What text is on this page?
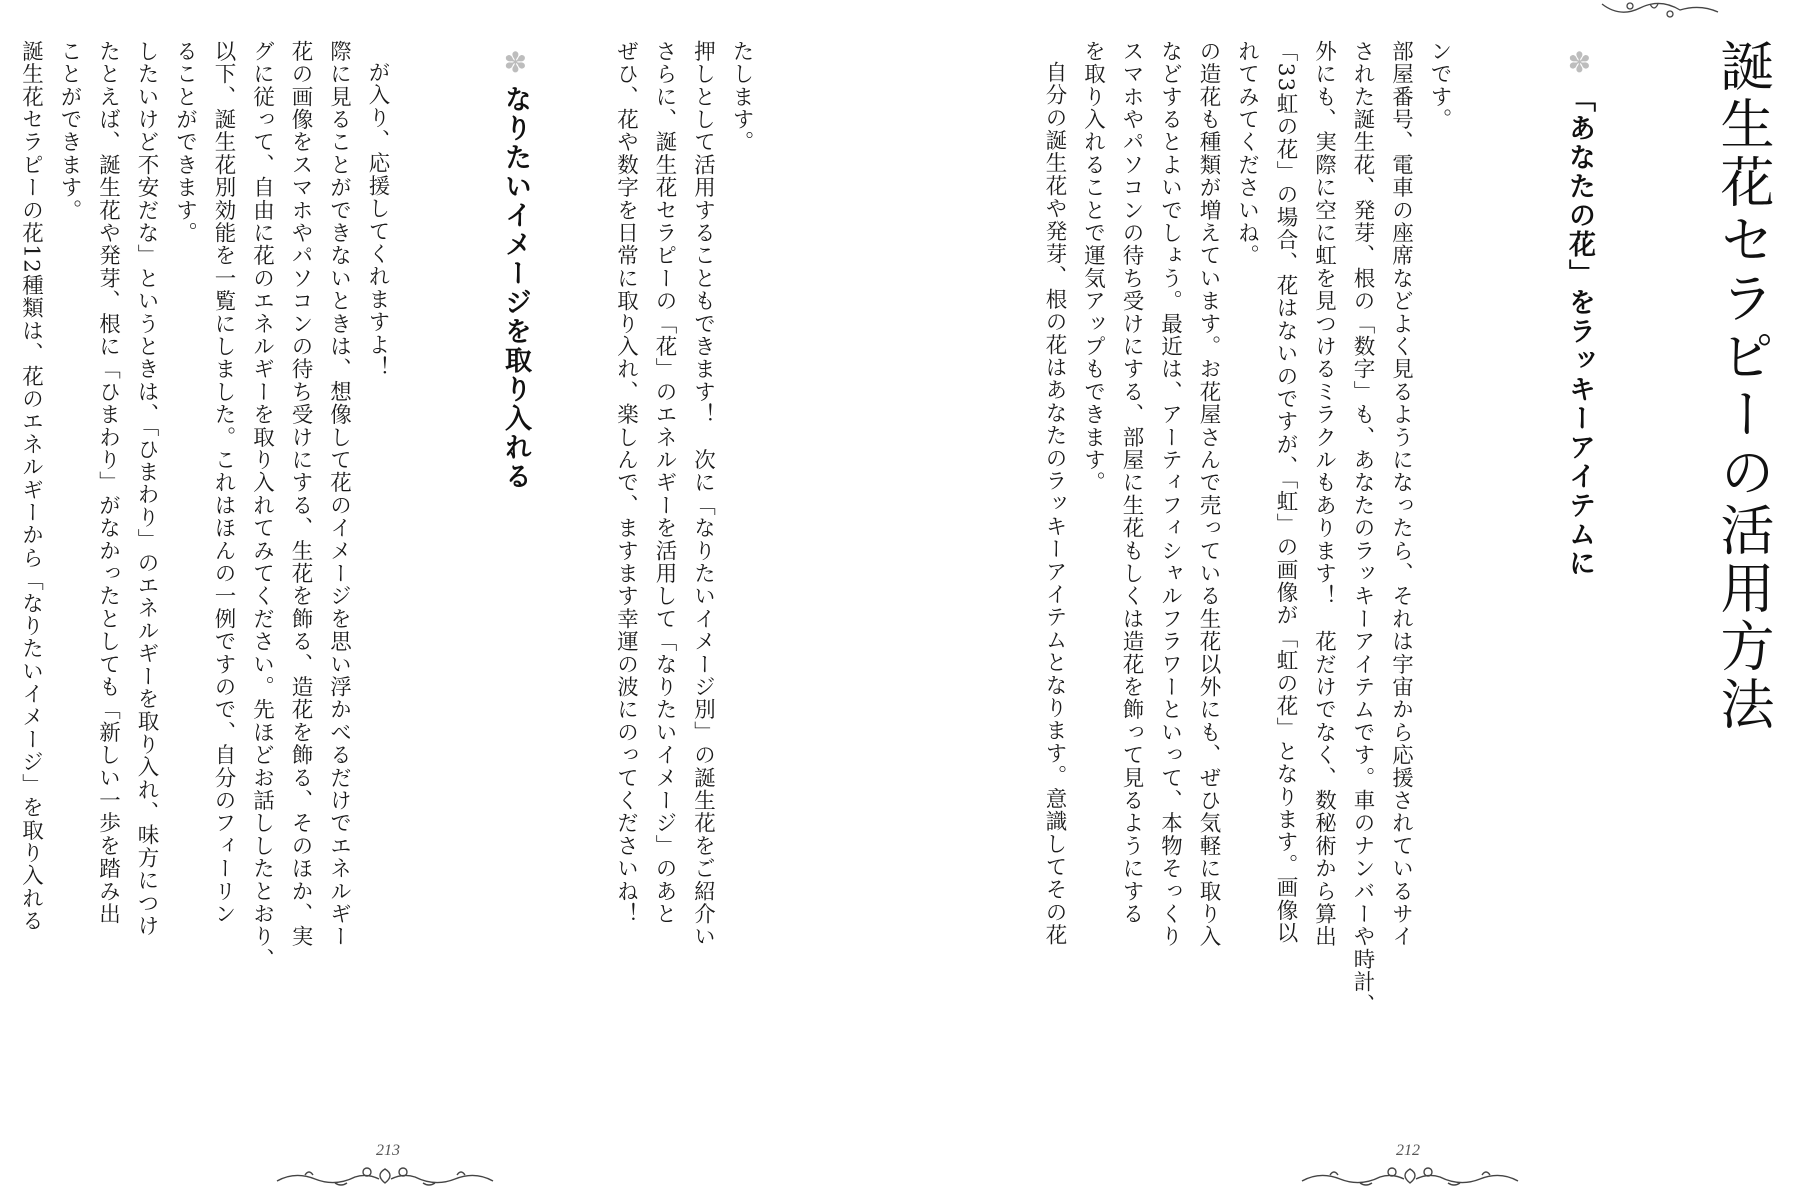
が入り、応援してくれますよ！
際に見ることができないときは、想像して花のイメージを思い浮かべるだけでエネルギー
花の画像をスマホやパソコンの待ち受けにする、生花を飾る、造花を飾る、そのほか、実
グに従って、自由に花のエネルギーを取り入れてみてください。先ほどお話ししたとおり、
以下、誕生花別効能を一覧にしました。これはほんの一例ですので、自分のフィーリン
ることができます。
したいけど不安だな」というときは、「ひまわり」のエネルギーを取り入れ、味方につけ
たとえば、誕生花や発芽、根に「ひまわり」がなかったとしても「新しい一歩を踏み出
ことができます。
誕生花セラピーの花12種類は、花のエネルギーから「なりたいイメージ」を取り入れる	✽なりたいイメージを取り入れる	たします。
押しとして活用することもできます！　次に「なりたいイメージ別」の誕生花をご紹介い
さらに、誕生花セラピーの「花」のエネルギーを活用して「なりたいイメージ」のあと
ぜひ、花や数字を日常に取り入れ、楽しんで、ますます幸運の波にのってくださいね！
213
ンです。
部屋番号、電車の座席などよく見るようになったら、それは宇宙から応援されているサイ
された誕生花、発芽、根の「数字」も、あなたのラッキーアイテムです。車のナンバーや時計、
外にも、実際に空に虹を見つけるミラクルもあります！　花だけでなく、数秘術から算出
「33虹の花」の場合、花はないのですが、「虹」の画像が「虹の花」となります。画像以
れてみてくださいね。
の造花も種類が増えています。お花屋さんで売っている生花以外にも、ぜひ気軽に取り入
などするとよいでしょう。最近は、アーティフィシャルフラワーといって、本物そっくり
スマホやパソコンの待ち受けにする、部屋に生花もしくは造花を飾って見るようにする
を取り入れることで運気アップもできます。
自分の誕生花や発芽、根の花はあなたのラッキーアイテムとなります。意識してその花	✽「あなたの花」をラッキーアイテムに 誕生花セラピーの活用方法
212
